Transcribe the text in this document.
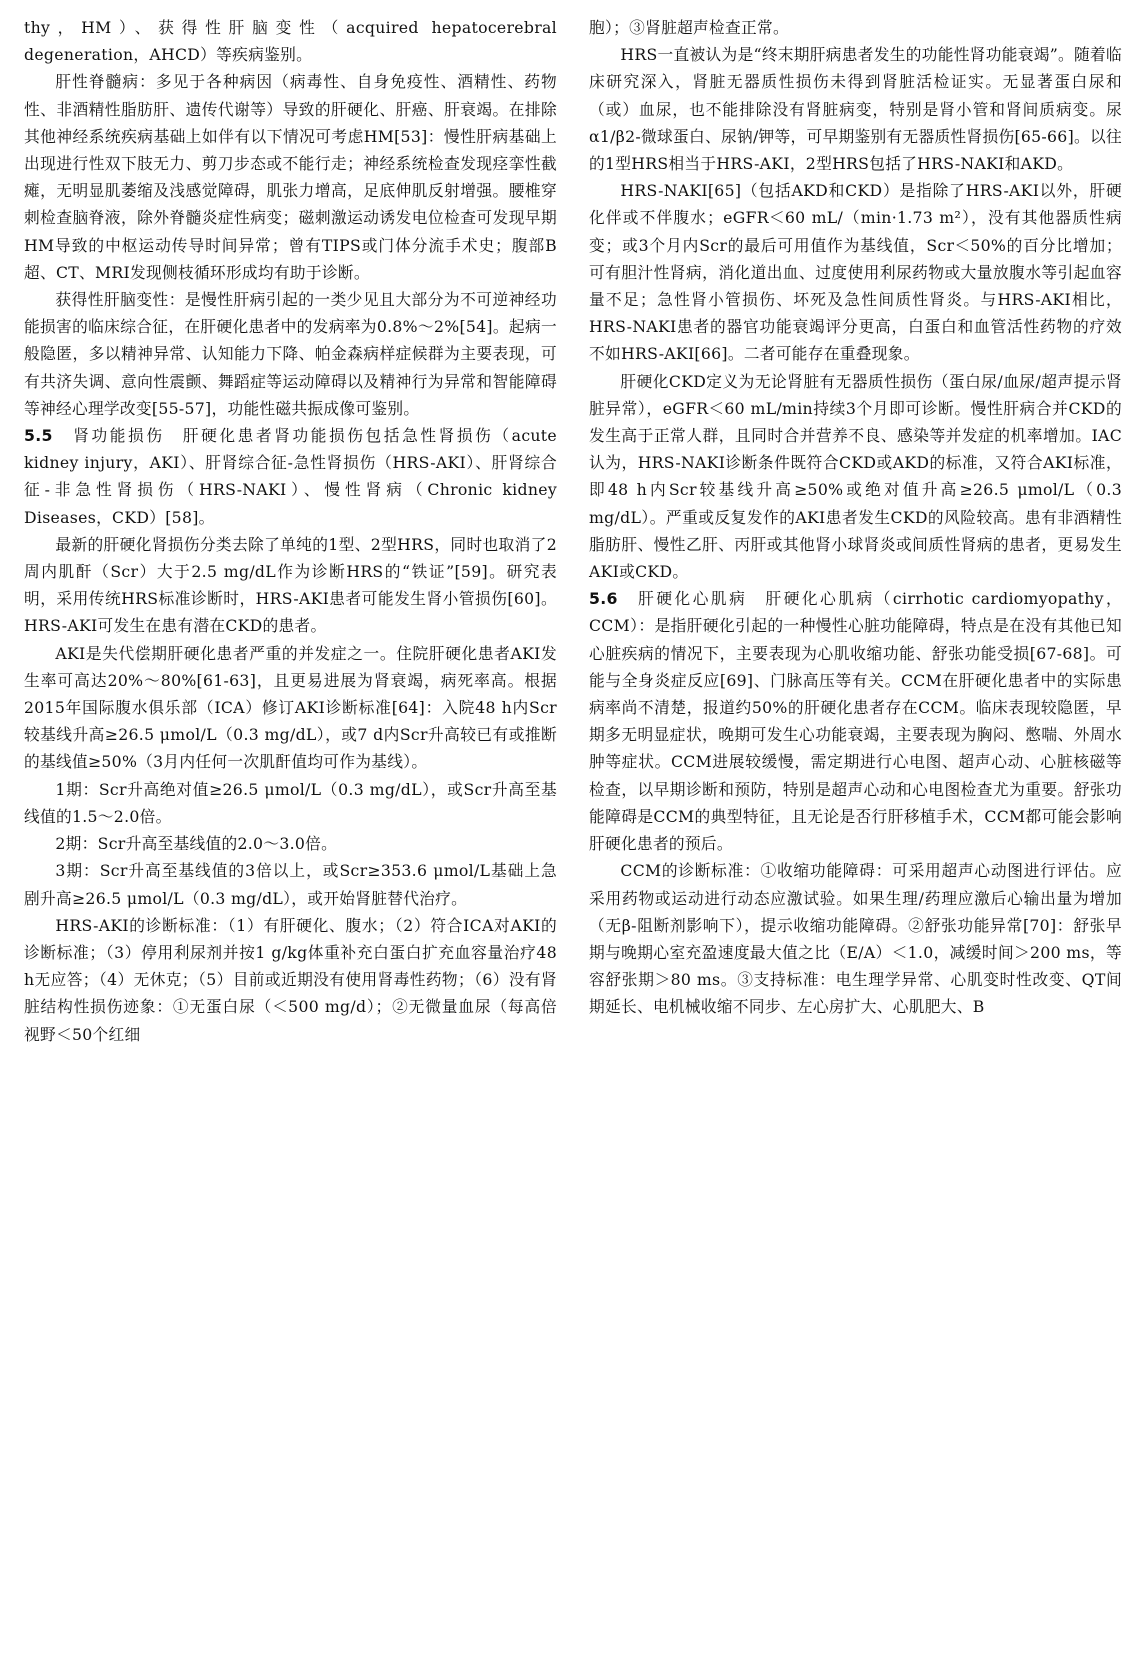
thy，HM）、获得性肝脑变性（acquired hepatocerebral degeneration，AHCD）等疾病鉴别。

肝性脊髓病：多见于各种病因（病毒性、自身免疫性、酒精性、药物性、非酒精性脂肪肝、遗传代谢等）导致的肝硬化、肝癌、肝衰竭。在排除其他神经系统疾病基础上如伴有以下情况可考虑HM[53]：慢性肝病基础上出现进行性双下肢无力、剪刀步态或不能行走；神经系统检查发现痉挛性截瘫，无明显肌萎缩及浅感觉障碍，肌张力增高，足底伸肌反射增强。腰椎穿刺检查脑脊液，除外脊髓炎症性病变；磁刺激运动诱发电位检查可发现早期HM导致的中枢运动传导时间异常；曾有TIPS或门体分流手术史；腹部B超、CT、MRI发现侧枝循环形成均有助于诊断。

获得性肝脑变性：是慢性肝病引起的一类少见且大部分为不可逆神经功能损害的临床综合征，在肝硬化患者中的发病率为0.8%～2%[54]。起病一般隐匿，多以精神异常、认知能力下降、帕金森病样症候群为主要表现，可有共济失调、意向性震颤、舞蹈症等运动障碍以及精神行为异常和智能障碍等神经心理学改变[55-57]，功能性磁共振成像可鉴别。

5.5　 肾功能损伤　 肝硬化患者肾功能损伤包括急性肾损伤（acute kidney injury，AKI）、肝肾综合征-急性肾损伤（HRS-AKI）、肝肾综合征-非急性肾损伤（HRS-NAKI）、慢性肾病（Chronic kidney Diseases，CKD）[58]。

最新的肝硬化肾损伤分类去除了单纯的1型、2型HRS，同时也取消了2周内肌酐（Scr）大于2.5 mg/dL作为诊断HRS的“铁证”[59]。研究表明，采用传统HRS标准诊断时，HRS-AKI患者可能发生肾小管损伤[60]。HRS-AKI可发生在患有潜在CKD的患者。

AKI是失代偿期肝硬化患者严重的并发症之一。住院肝硬化患者AKI发生率可高达20%～80%[61-63]，且更易进展为肾衰竭，病死率高。根据2015年国际腹水俱乐部（ICA）修订AKI诊断标准[64]：入院48 h内Scr较基线升高≥26.5 μmol/L（0.3 mg/dL），或7 d内Scr升高较已有或推断的基线值≥50%（3月内任何一次肌酐值均可作为基线）。

1期：Scr升高绝对值≥26.5 μmol/L（0.3 mg/dL），或Scr升高至基线值的1.5～2.0倍。

2期：Scr升高至基线值的2.0～3.0倍。

3期：Scr升高至基线值的3倍以上，或Scr≥353.6 μmol/L基础上急剧升高≥26.5 μmol/L（0.3 mg/dL），或开始肾脏替代治疗。

HRS-AKI的诊断标准：（1）有肝硬化、腹水；（2）符合ICA对AKI的诊断标准；（3）停用利尿剂并按1 g/kg体重补充白蛋白扩充血容量治疗48 h无应答；（4）无休克；（5）目前或近期没有使用肾毒性药物；（6）没有肾脏结构性损伤迹象：①无蛋白尿（＜500 mg/d）；②无微量血尿（每高倍视野＜50个红细

胞）；③肾脏超声检查正常。

HRS一直被认为是“终末期肝病患者发生的功能性肾功能衰竭”。随着临床研究深入，肾脏无器质性损伤未得到肾脏活检证实。无显著蛋白尿和（或）血尿，也不能排除没有肾脏病变，特别是肾小管和肾间质病变。尿α1/β2-微球蛋白、尿钠/钾等，可早期鉴别有无器质性肾损伤[65-66]。以往的1型HRS相当于HRS-AKI，2型HRS包括了HRS-NAKI和AKD。

HRS-NAKI[65]（包括AKD和CKD）是指除了HRS-AKI以外，肝硬化伴或不伴腹水；eGFR＜60 mL/（min·1.73 m²），没有其他器质性病变；或3个月内Scr的最后可用值作为基线值，Scr＜50%的百分比增加；可有胆汁性肾病，消化道出血、过度使用利尿药物或大量放腹水等引起血容量不足；急性肾小管损伤、坏死及急性间质性肾炎。与HRS-AKI相比，HRS-NAKI患者的器官功能衰竭评分更高，白蛋白和血管活性药物的疗效不如HRS-AKI[66]。二者可能存在重叠现象。

肝硬化CKD定义为无论肾脏有无器质性损伤（蛋白尿/血尿/超声提示肾脏异常），eGFR＜60 mL/min持续3个月即可诊断。慢性肝病合并CKD的发生高于正常人群，且同时合并营养不良、感染等并发症的机率增加。IAC认为，HRS-NAKI诊断条件既符合CKD或AKD的标准，又符合AKI标准，即48 h内Scr较基线升高≥50%或绝对值升高≥26.5 μmol/L（0.3 mg/dL）。严重或反复发作的AKI患者发生CKD的风险较高。患有非酒精性脂肪肝、慢性乙肝、丙肝或其他肾小球肾炎或间质性肾病的患者，更易发生AKI或CKD。

5.6　 肝硬化心肌病　 肝硬化心肌病（cirrhotic cardiomyopathy，CCM）：是指肝硬化引起的一种慢性心脏功能障碍，特点是在没有其他已知心脏疾病的情况下，主要表现为心肌收缩功能、舒张功能受损[67-68]。可能与全身炎症反应[69]、门脉高压等有关。CCM在肝硬化患者中的实际患病率尚不清楚，报道约50%的肝硬化患者存在CCM。临床表现较隐匿，早期多无明显症状，晚期可发生心功能衰竭，主要表现为胸闷、憋喘、外周水肿等症状。CCM进展较缓慢，需定期进行心电图、超声心动、心脏核磁等检查，以早期诊断和预防，特别是超声心动和心电图检查尤为重要。舒张功能障碍是CCM的典型特征，且无论是否行肝移植手术，CCM都可能会影响肝硬化患者的预后。

CCM的诊断标准：①收缩功能障碍：可采用超声心动图进行评估。应采用药物或运动进行动态应激试验。如果生理/药理应激后心输出量为增加（无β-阻断剂影响下），提示收缩功能障碍。②舒张功能异常[70]：舒张早期与晚期心室充盈速度最大值之比（E/A）＜1.0，减缓时间＞200 ms，等容舒张期＞80 ms。③支持标准：电生理学异常、心肌变时性改变、QT间期延长、电机械收缩不同步、左心房扩大、心肌肥大、B
